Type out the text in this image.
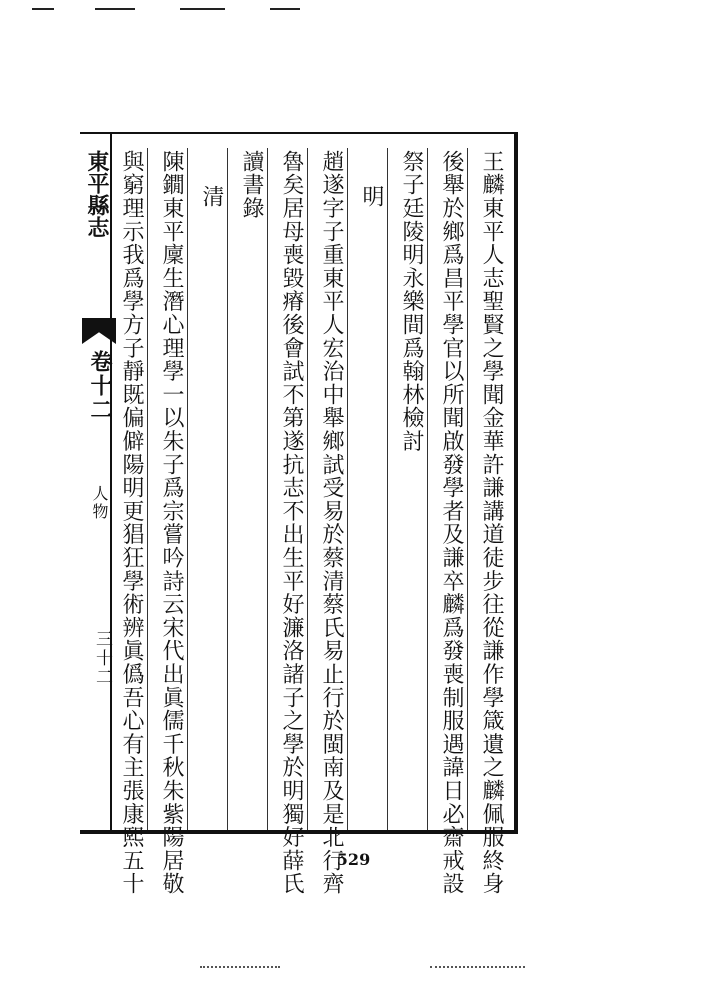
東平縣志
卷十二
人物
三十二	王麟東平人志聖賢之學聞金華許謙講道徒步往從謙作學箴遺之麟佩服終身
後舉於鄉爲昌平學官以所聞啟發學者及謙卒麟爲發喪制服遇諱日必齋戒設
祭子廷陵明永樂間爲翰林檢討
明
趙遂字子重東平人宏治中舉鄉試受易於蔡清蔡氏易止行於閩南及是北行齊
魯矣居母喪毀瘠後會試不第遂抗志不出生平好濂洛諸子之學於明獨好薛氏
讀書錄
清
陳鐗東平廩生潛心理學一以朱子爲宗嘗吟詩云宋代出眞儒千秋朱紫陽居敬
與窮理示我爲學方子靜既偏僻陽明更猖狂學術辨眞僞吾心有主張康熙五十	529
